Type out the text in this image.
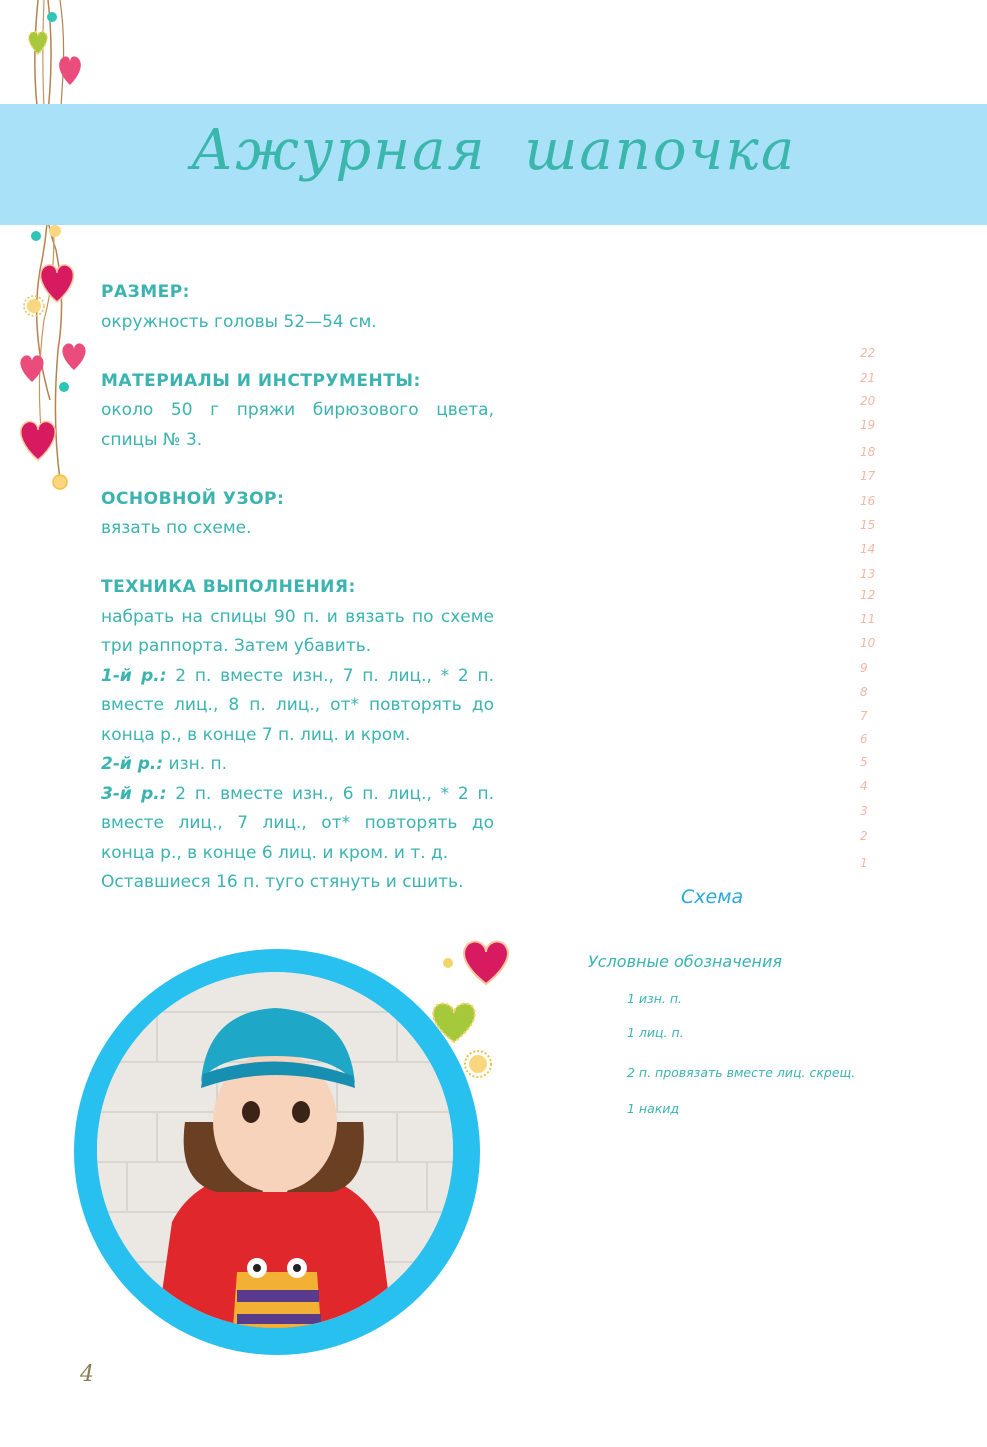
Ажурная шапочка
РАЗМЕР:
окружность головы 52—54 см.
МАТЕРИАЛЫ И ИНСТРУМЕНТЫ:
около 50 г пряжи бирюзового цвета, спицы № 3.
ОСНОВНОЙ УЗОР:
вязать по схеме.
ТЕХНИКА ВЫПОЛНЕНИЯ:
набрать на спицы 90 п. и вязать по схеме три раппорта. Затем убавить.
1-й р.: 2 п. вместе изн., 7 п. лиц., * 2 п. вместе лиц., 8 п. лиц., от* повторять до конца р., в конце 7 п. лиц. и кром.
2-й р.: изн. п.
3-й р.: 2 п. вместе изн., 6 п. лиц., * 2 п. вместе лиц., 7 лиц., от* повторять до конца р., в конце 6 лиц. и кром. и т. д.
Оставшиеся 16 п. туго стянуть и сшить.
22
21
20
19
18
17
16
15
14
13
12
11
10
9
8
7
6
5
4
3
2
1
Схема
Условные обозначения
1 изн. п.
1 лиц. п.
2 п. провязать вместе лиц. скрещ.
1 накид
4
